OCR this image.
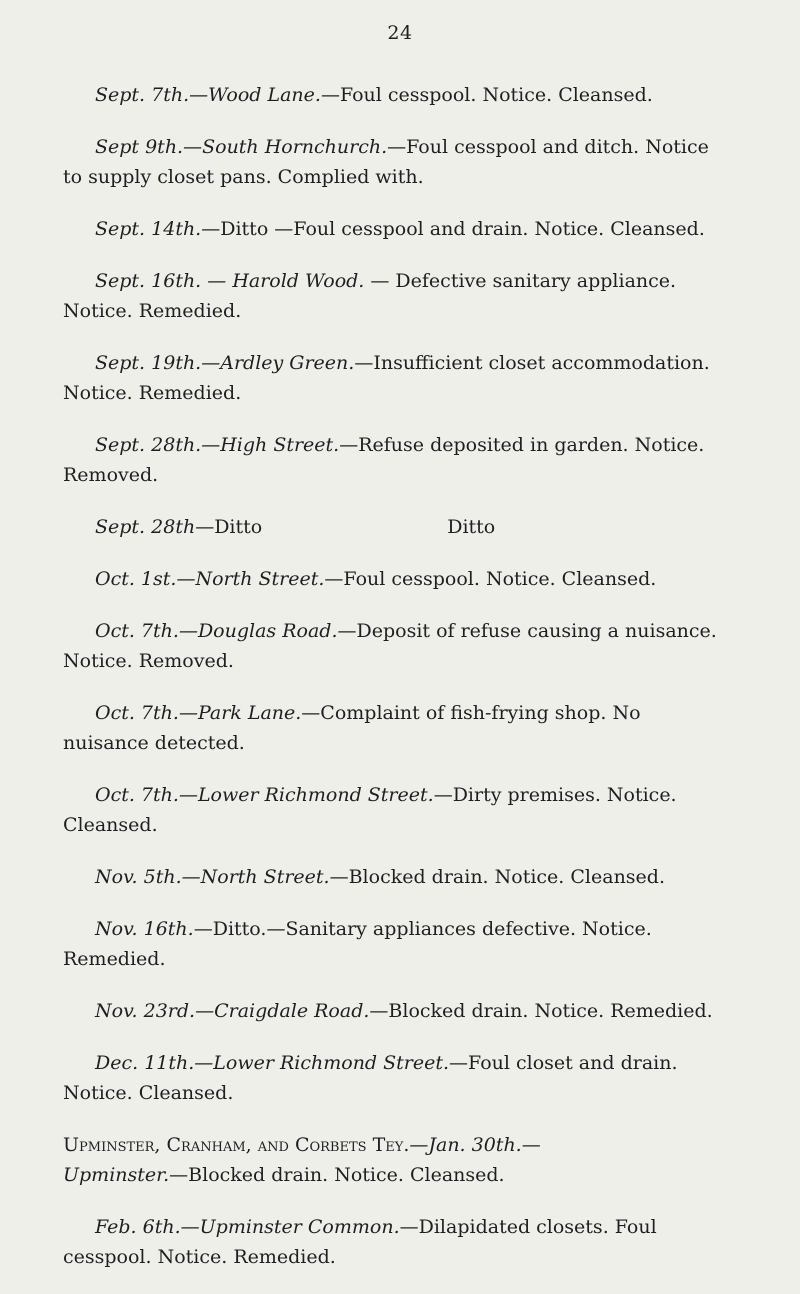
24
Sept. 7th.—Wood Lane.—Foul cesspool. Notice. Cleansed.
Sept 9th.—South Hornchurch.—Foul cesspool and ditch. Notice
to supply closet pans. Complied with.
Sept. 14th.—Ditto —Foul cesspool and drain. Notice. Cleansed.
Sept. 16th. — Harold Wood. — Defective sanitary appliance.
Notice. Remedied.
Sept. 19th.—Ardley Green.—Insufficient closet accommodation.
Notice. Remedied.
Sept. 28th.—High Street.—Refuse deposited in garden. Notice.
Removed.
Sept. 28th—Ditto	Ditto
Oct. 1st.—North Street.—Foul cesspool. Notice. Cleansed.
Oct. 7th.—Douglas Road.—Deposit of refuse causing a nuisance.
Notice. Removed.
Oct. 7th.—Park Lane.—Complaint of fish-frying shop. No
nuisance detected.
Oct. 7th.—Lower Richmond Street.—Dirty premises. Notice.
Cleansed.
Nov. 5th.—North Street.—Blocked drain. Notice. Cleansed.
Nov. 16th.—Ditto.—Sanitary appliances defective. Notice.
Remedied.
Nov. 23rd.—Craigdale Road.—Blocked drain. Notice. Remedied.
Dec. 11th.—Lower Richmond Street.—Foul closet and drain.
Notice. Cleansed.
Upminster, Cranham, and Corbets Tey.—Jan. 30th.—
Upminster.—Blocked drain. Notice. Cleansed.
Feb. 6th.—Upminster Common.—Dilapidated closets. Foul
cesspool. Notice. Remedied.
